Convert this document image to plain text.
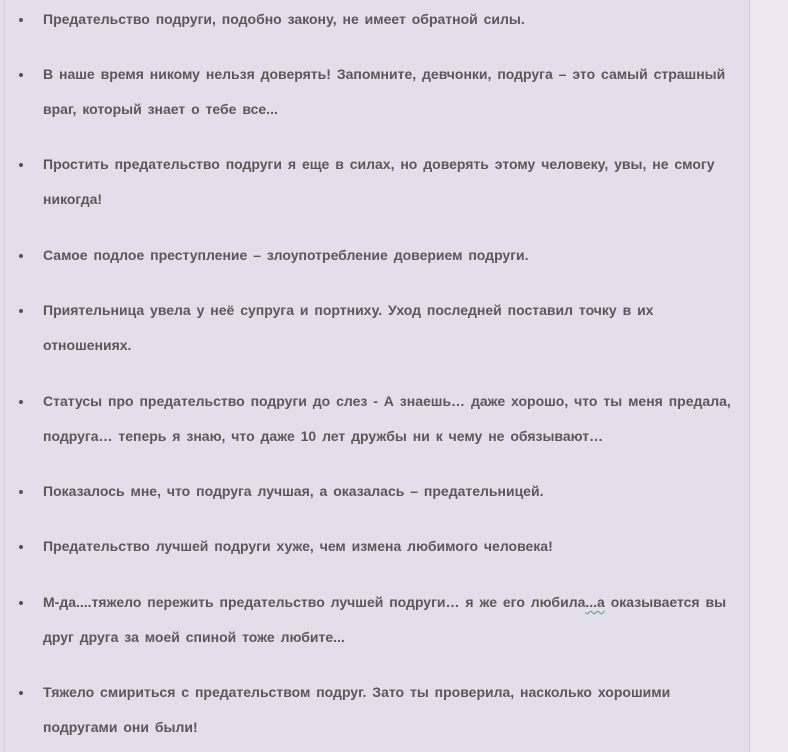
Предательство подруги, подобно закону, не имеет обратной силы.
В наше время никому нельзя доверять! Запомните, девчонки, подруга – это самый страшный враг, который знает о тебе все...
Простить предательство подруги я еще в силах, но доверять этому человеку, увы, не смогу никогда!
Самое подлое преступление – злоупотребление доверием подруги.
Приятельница увела у неё супруга и портниху. Уход последней поставил точку в их отношениях.
Статусы про предательство подруги до слез - А знаешь… даже хорошо, что ты меня предала, подруга… теперь я знаю, что даже 10 лет дружбы ни к чему не обязывают…
Показалось мне, что подруга лучшая, а оказалась – предательницей.
Предательство лучшей подруги хуже, чем измена любимого человека!
М-да....тяжело пережить предательство лучшей подруги… я же его любила...а оказывается вы друг друга за моей спиной тоже любите...
Тяжело смириться с предательством подруг. Зато ты проверила, насколько хорошими подругами они были!
